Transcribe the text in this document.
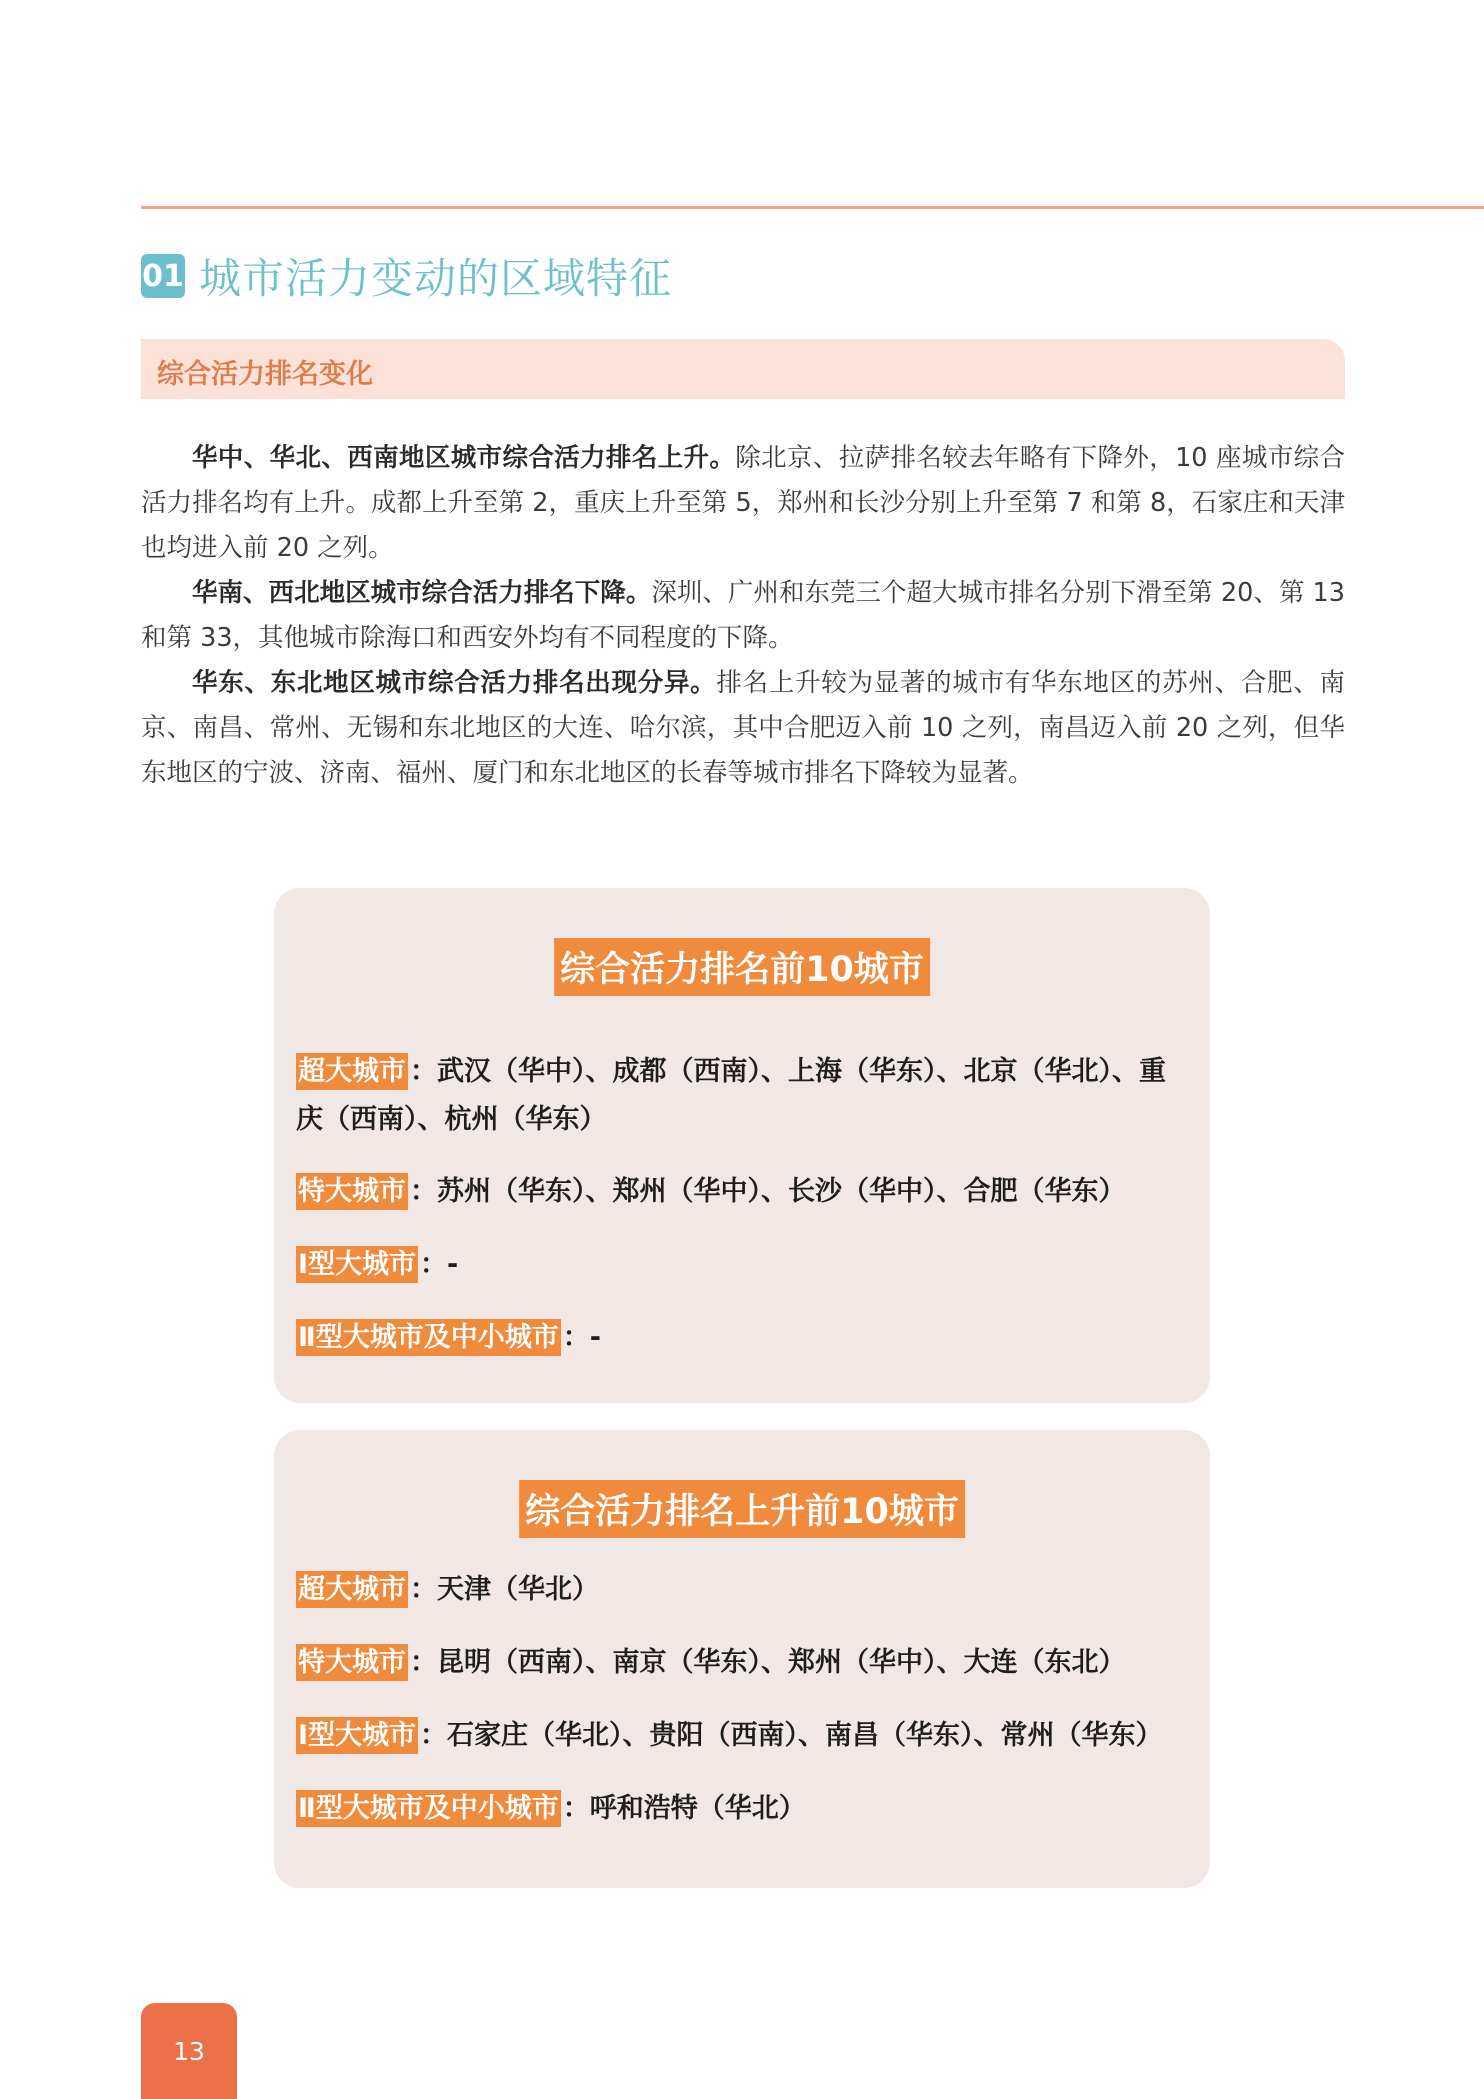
01 城市活力变动的区域特征
综合活力排名变化

华中、华北、西南地区城市综合活力排名上升。除北京、拉萨排名较去年略有下降外，10 座城市综合活力排名均有上升。成都上升至第 2，重庆上升至第 5，郑州和长沙分别上升至第 7 和第 8，石家庄和天津也均进入前 20 之列。

华南、西北地区城市综合活力排名下降。深圳、广州和东莞三个超大城市排名分别下滑至第 20、第 13 和第 33，其他城市除海口和西安外均有不同程度的下降。

华东、东北地区城市综合活力排名出现分异。排名上升较为显著的城市有华东地区的苏州、合肥、南京、南昌、常州、无锡和东北地区的大连、哈尔滨，其中合肥迈入前 10 之列，南昌迈入前 20 之列，但华东地区的宁波、济南、福州、厦门和东北地区的长春等城市排名下降较为显著。

综合活力排名前10城市
超大城市 ：武汉（华中）、成都（西南）、上海（华东）、北京（华北）、重庆（西南）、杭州（华东）
特大城市 ：苏州（华东）、郑州（华中）、长沙（华中）、合肥（华东）
Ⅰ型大城市 ：-
Ⅱ型大城市及中小城市 ：-
综合活力排名上升前10城市
超大城市 ：天津（华北）
特大城市 ：昆明（西南）、南京（华东）、郑州（华中）、大连（东北）
Ⅰ型大城市 ：石家庄（华北）、贵阳（西南）、南昌（华东）、常州（华东）
Ⅱ型大城市及中小城市 ：呼和浩特（华北）
13
